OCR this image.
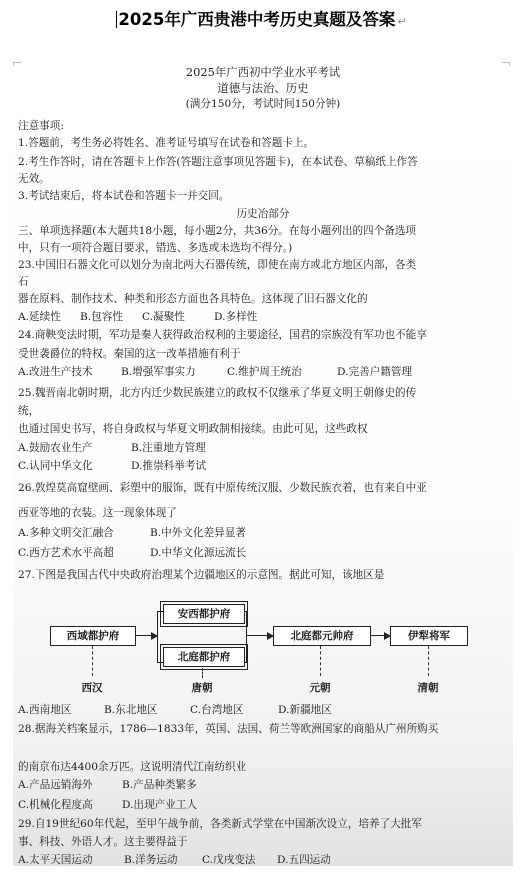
2025年广西贵港中考历史真题及答案 ↵
2025年广西初中学业水平考试
道德与法治、历史
(满分150分，考试时间150分钟)
注意事项:
1.答题前，考生务必将姓名、准考证号填写在试卷和答题卡上。
2.考生作答时，请在答题卡上作答(答题注意事项见答题卡)，在本试卷、草稿纸上作答
无效。
3.考试结束后，将本试卷和答题卡一并交回。
历史冶部分
三、单项选择题(本大题共18小题，每小题2分，共36分。在每小题列出的四个备选项
中，只有一项符合题目要求，错选、多选或未选均不得分。)
23.中国旧石器文化可以划分为南北两大石器传统，即使在南方或北方地区内部，各类
石
器在原料、制作技术、种类和形态方面也各具特色。这体现了旧石器文化的
A.延续性 B.包容性 C.凝聚性	D.多样性
24.商鞅变法时期，军功是秦人获得政治权利的主要途径，国君的宗族没有军功也不能享
受世袭爵位的特权。秦国的这一改革措施有利于
A.改进生产技术	B.增强军事实力	C.维护周王统治	D.完善户籍管理
25.魏晋南北朝时期，北方内迁少数民族建立的政权不仅继承了华夏文明王朝修史的传
统，
也通过国史书写，将自身政权与华夏文明政制相接续。由此可见，这些政权
A.鼓励农业生产	B.注重地方管理
C.认同中华文化	D.推崇科举考试
26.敦煌莫高窟壁画、彩塑中的服饰，既有中原传统汉服、少数民族衣着，也有来自中亚
西亚等地的衣装。这一现象体现了
A.多种文明交汇融合	B.中外文化差异显著
C.西方艺术水平高超	D.中华文化源远流长
27.下图是我国古代中央政府治理某个边疆地区的示意图。据此可知，该地区是
A.西南地区	B.东北地区	C.台湾地区	D.新疆地区
28.据海关档案显示，1786—1833年，英国、法国、荷兰等欧洲国家的商船从广州所购买
的南京布达4400余万匹。这说明清代江南纺织业
A.产品远销海外	B.产品种类繁多
C.机械化程度高	D.出现产业工人
29.自19世纪60年代起，至甲午战争前，各类新式学堂在中国渐次设立，培养了大批军
事、科技、外语人才。这主要得益于
A.太平天国运动	B.洋务运动 C.戊戌变法 D.五四运动
西域都护府
安西都护府
北庭都护府
北庭都元帅府	伊犁将军
西汉	唐朝	元朝	清朝
